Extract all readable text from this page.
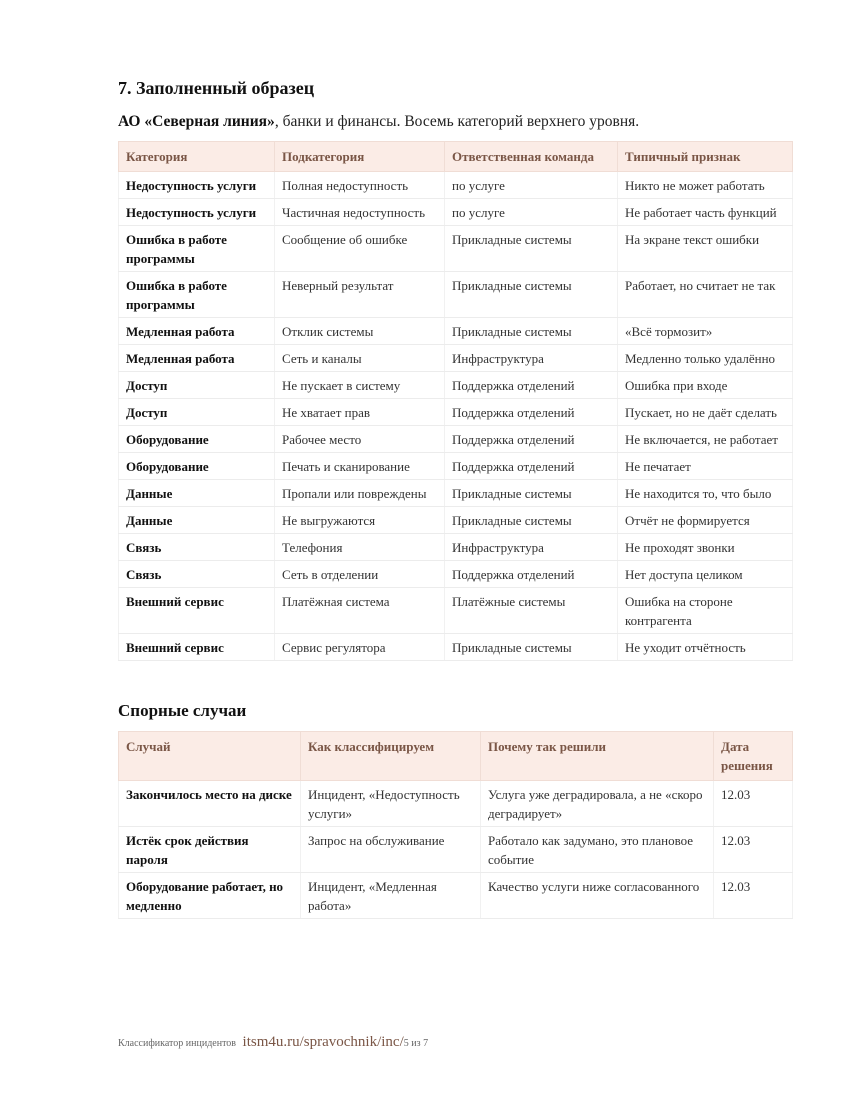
7. Заполненный образец
АО «Северная линия», банки и финансы. Восемь категорий верхнего уровня.
Категория	Подкатегория	Ответственная команда	Типичный признак
Недоступность услуги	Полная недоступность	по услуге	Никто не может работать
Недоступность услуги	Частичная недоступность	по услуге	Не работает часть функций
Ошибка в работе программы	Сообщение об ошибке	Прикладные системы	На экране текст ошибки
Ошибка в работе программы	Неверный результат	Прикладные системы	Работает, но считает не так
Медленная работа	Отклик системы	Прикладные системы	«Всё тормозит»
Медленная работа	Сеть и каналы	Инфраструктура	Медленно только удалённо
Доступ	Не пускает в систему	Поддержка отделений	Ошибка при входе
Доступ	Не хватает прав	Поддержка отделений	Пускает, но не даёт сделать
Оборудование	Рабочее место	Поддержка отделений	Не включается, не работает
Оборудование	Печать и сканирование	Поддержка отделений	Не печатает
Данные	Пропали или повреждены	Прикладные системы	Не находится то, что было
Данные	Не выгружаются	Прикладные системы	Отчёт не формируется
Связь	Телефония	Инфраструктура	Не проходят звонки
Связь	Сеть в отделении	Поддержка отделений	Нет доступа целиком
Внешний сервис	Платёжная система	Платёжные системы	Ошибка на стороне контрагента
Внешний сервис	Сервис регулятора	Прикладные системы	Не уходит отчётность
Спорные случаи
Случай	Как классифицируем	Почему так решили	Дата решения
Закончилось место на диске	Инцидент, «Недоступность услуги»	Услуга уже деградировала, а не «скоро деградирует»	12.03
Истёк срок действия пароля	Запрос на обслуживание	Работало как задумано, это плановое событие	12.03
Оборудование работает, но медленно	Инцидент, «Медленная работа»	Качество услуги ниже согласованного	12.03
Классификатор инцидентов itsm4u.ru/spravochnik/inc/5 из 7
